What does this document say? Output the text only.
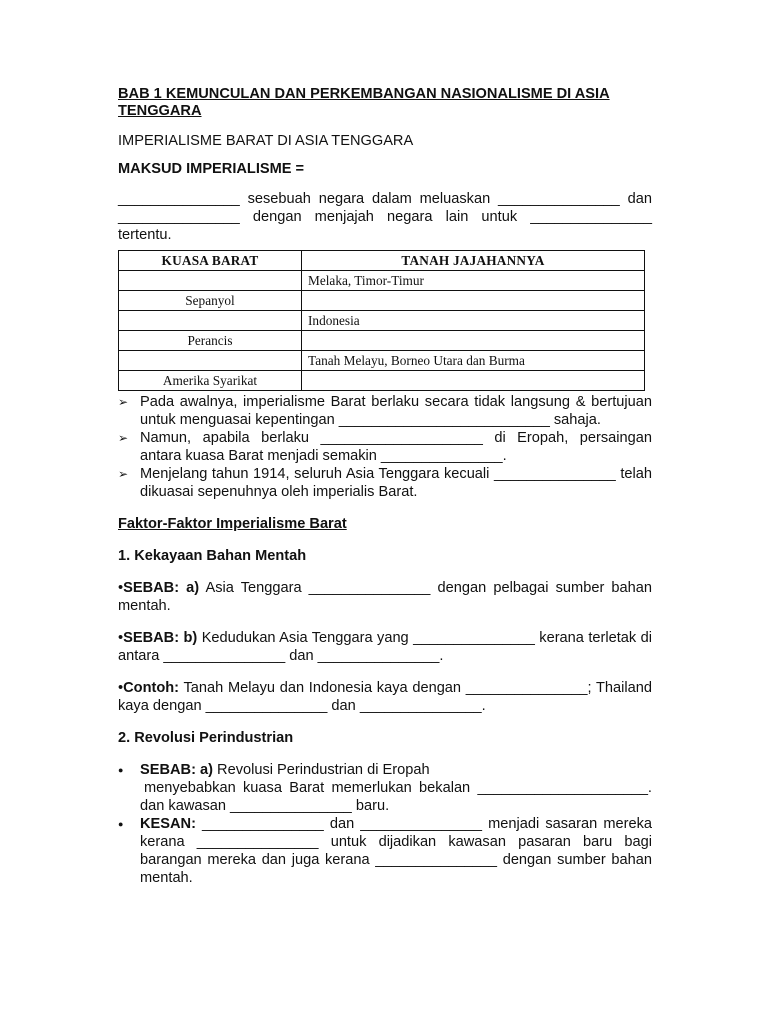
BAB 1 KEMUNCULAN DAN PERKEMBANGAN NASIONALISME DI ASIA TENGGARA

IMPERIALISME BARAT DI ASIA TENGGARA

MAKSUD IMPERIALISME =

_______________ sesebuah negara dalam meluaskan _______________ dan _______________ dengan menjajah negara lain untuk _______________ tertentu.

KUASA BARAT	TANAH JAJAHANNYA
	Melaka, Timor-Timur
Sepanyol	
	Indonesia
Perancis	
	Tanah Melayu, Borneo Utara dan Burma
Amerika Syarikat	
➢ Pada awalnya, imperialisme Barat berlaku secara tidak langsung & bertujuan untuk menguasai kepentingan __________________________ sahaja.
➢ Namun, apabila berlaku ____________________ di Eropah, persaingan antara kuasa Barat menjadi semakin _______________.
➢ Menjelang tahun 1914, seluruh Asia Tenggara kecuali _______________ telah dikuasai sepenuhnya oleh imperialis Barat.

Faktor-Faktor Imperialisme Barat

1. Kekayaan Bahan Mentah

•SEBAB: a) Asia Tenggara _______________ dengan pelbagai sumber bahan mentah.

•SEBAB: b) Kedudukan Asia Tenggara yang _______________ kerana terletak di antara _______________ dan _______________.

•Contoh: Tanah Melayu dan Indonesia kaya dengan _______________; Thailand kaya dengan _______________ dan _______________.

2. Revolusi Perindustrian

● SEBAB: a) Revolusi Perindustrian di Eropah
menyebabkan kuasa Barat memerlukan bekalan _____________________. dan kawasan _______________ baru.
● KESAN: _______________ dan _______________ menjadi sasaran mereka kerana _______________ untuk dijadikan kawasan pasaran baru bagi barangan mereka dan juga kerana _______________ dengan sumber bahan mentah.
